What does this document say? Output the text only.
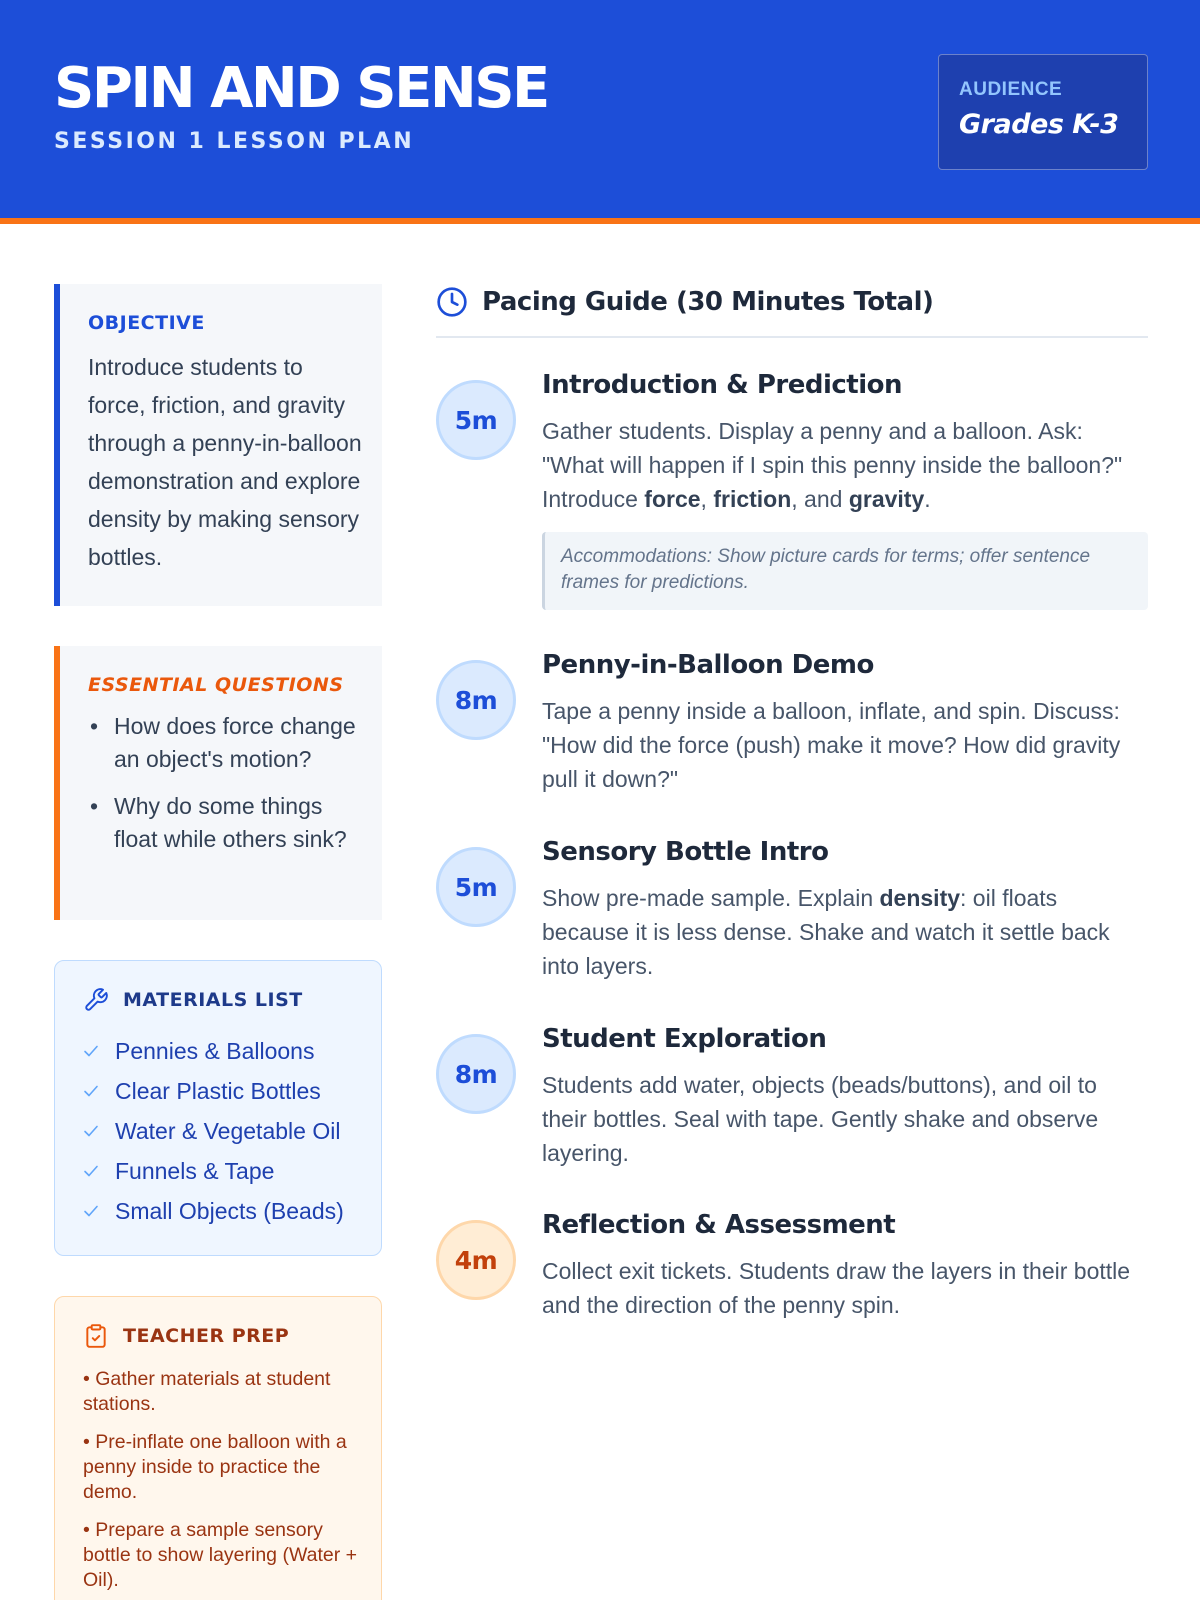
SPIN AND SENSE
SESSION 1 LESSON PLAN
AUDIENCE
Grades K-3
OBJECTIVE
Introduce students to force, friction, and gravity through a penny-in-balloon demonstration and explore density by making sensory bottles.
ESSENTIAL QUESTIONS
• How does force change an object's motion?
• Why do some things float while others sink?
MATERIALS LIST
Pennies & Balloons
Clear Plastic Bottles
Water & Vegetable Oil
Funnels & Tape
Small Objects (Beads)
TEACHER PREP
• Gather materials at student stations.
• Pre-inflate one balloon with a penny inside to practice the demo.
• Prepare a sample sensory bottle to show layering (Water + Oil).
Pacing Guide (30 Minutes Total)
5m
Introduction & Prediction
Gather students. Display a penny and a balloon. Ask: "What will happen if I spin this penny inside the balloon?" Introduce force, friction, and gravity.
Accommodations: Show picture cards for terms; offer sentence frames for predictions.
8m
Penny-in-Balloon Demo
Tape a penny inside a balloon, inflate, and spin. Discuss: "How did the force (push) make it move? How did gravity pull it down?"
5m
Sensory Bottle Intro
Show pre-made sample. Explain density: oil floats because it is less dense. Shake and watch it settle back into layers.
8m
Student Exploration
Students add water, objects (beads/buttons), and oil to their bottles. Seal with tape. Gently shake and observe layering.
4m
Reflection & Assessment
Collect exit tickets. Students draw the layers in their bottle and the direction of the penny spin.
